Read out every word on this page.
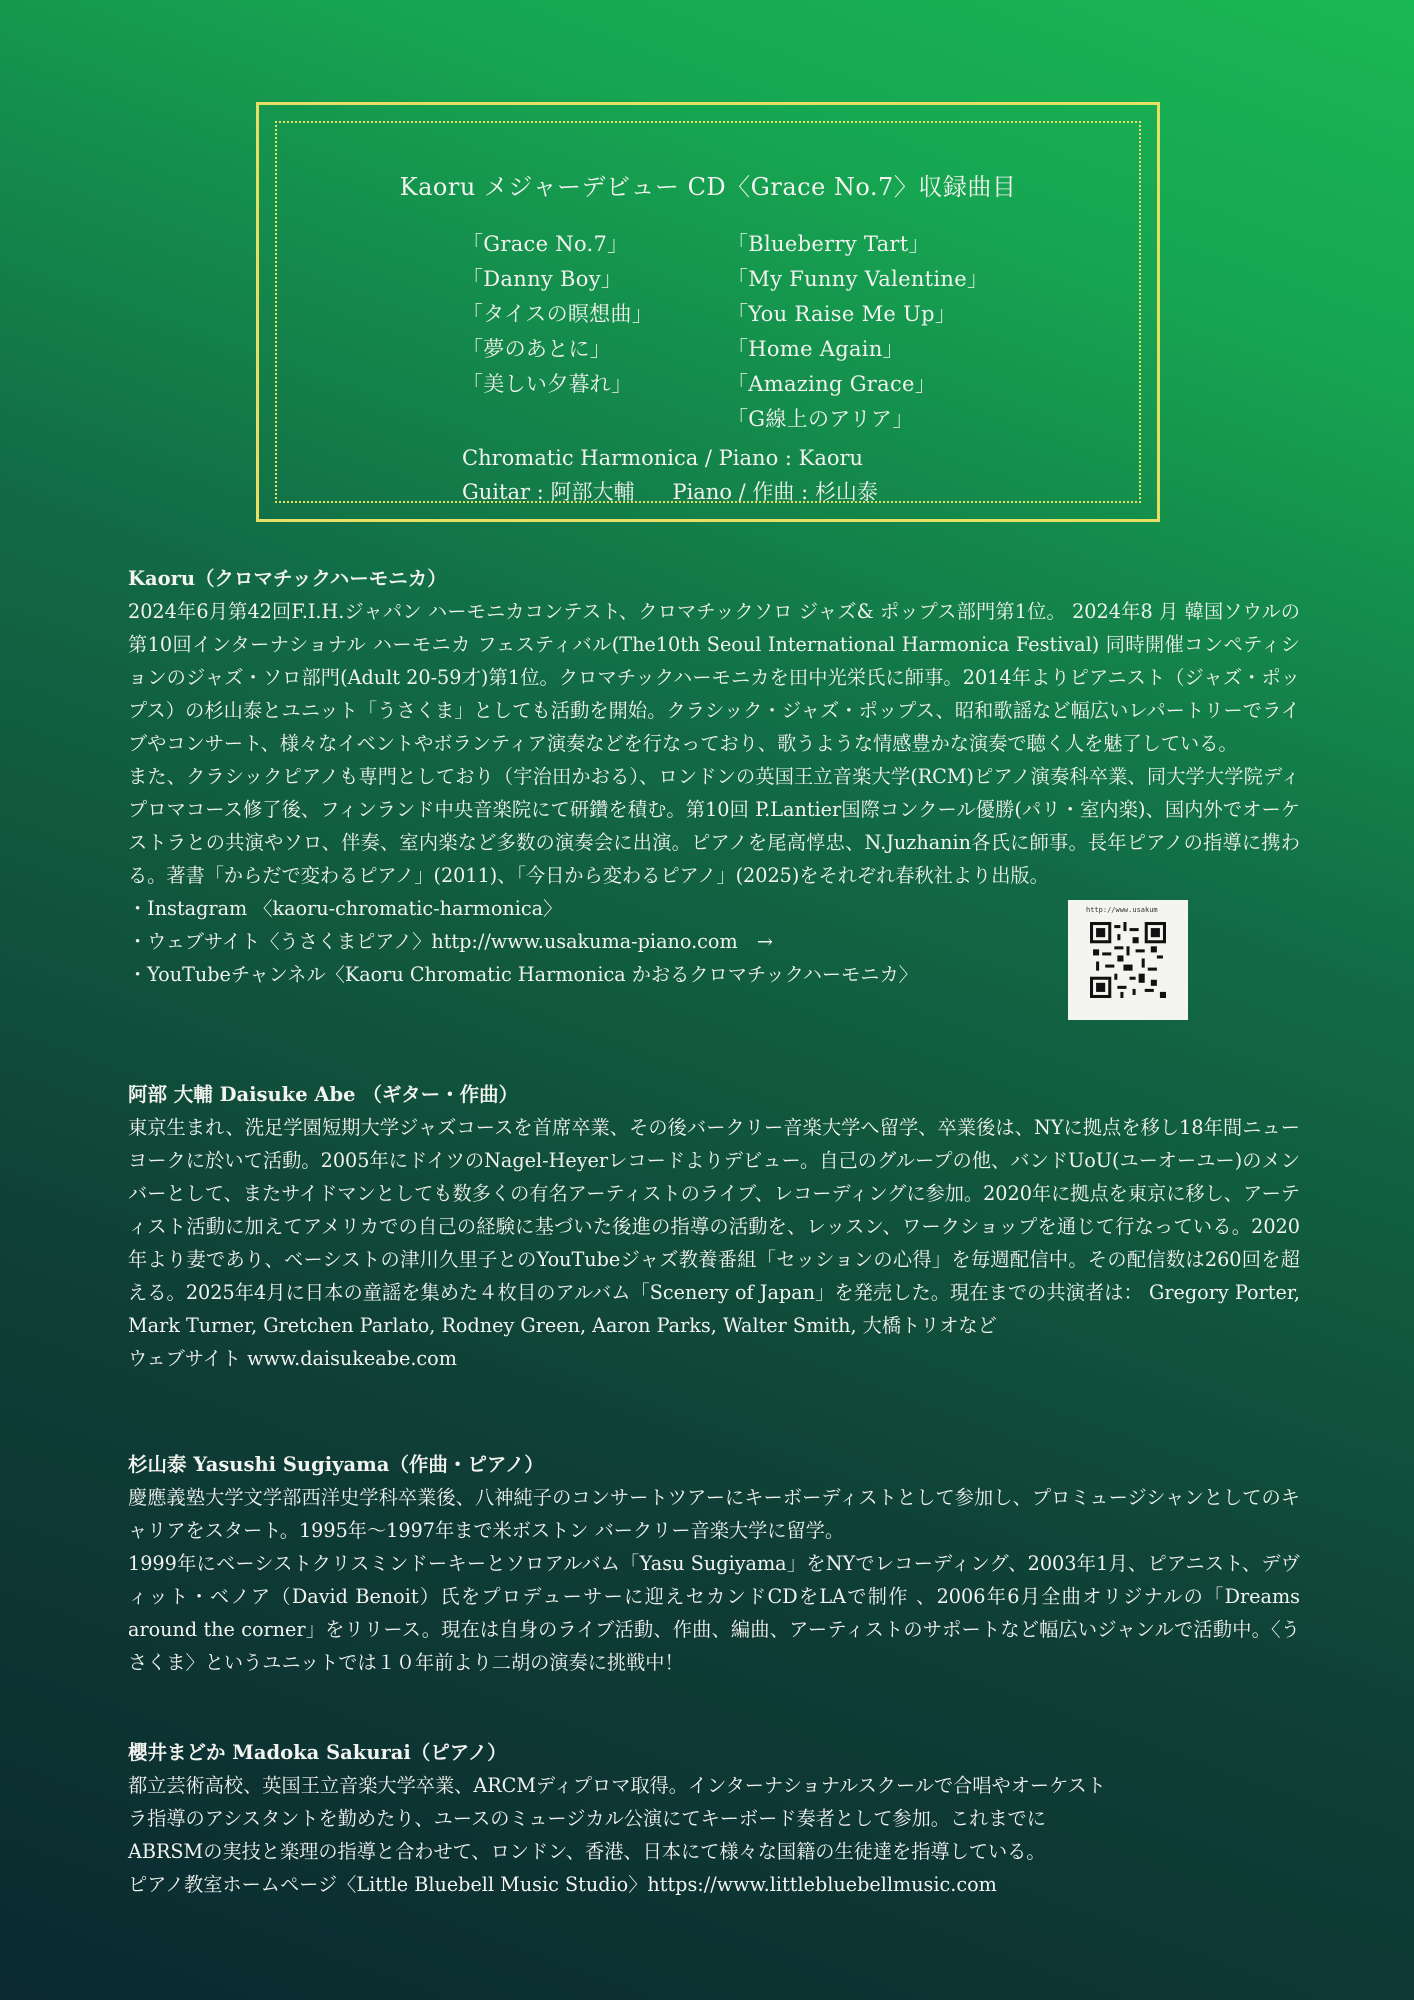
Kaoru メジャーデビュー CD〈Grace No.7〉収録曲目
「Grace No.7」
「Danny Boy」
「タイスの瞑想曲」
「夢のあとに」
「美しい夕暮れ」
「Blueberry Tart」
「My Funny Valentine」
「You Raise Me Up」
「Home Again」
「Amazing Grace」
「G線上のアリア」
Chromatic Harmonica / Piano : Kaoru
Guitar : 阿部大輔 Piano / 作曲 : 杉山泰
Kaoru（クロマチックハーモニカ）

2024年6月第42回F.I.H.ジャパン ハーモニカコンテスト、クロマチックソロ ジャズ& ポップス部門第1位。 2024年8 月 韓国ソウルの第10回インターナショナル ハーモニカ フェスティバル(The10th Seoul International Harmonica Festival) 同時開催コンペティションのジャズ・ソロ部門(Adult 20-59才)第1位。クロマチックハーモニカを田中光栄氏に師事。2014年よりピアニスト（ジャズ・ポップス）の杉山泰とユニット「うさくま」としても活動を開始。クラシック・ジャズ・ポップス、昭和歌謡など幅広いレパートリーでライブやコンサート、様々なイベントやボランティア演奏などを行なっており、歌うような情感豊かな演奏で聴く人を魅了している。

また、クラシックピアノも専門としており（宇治田かおる）、ロンドンの英国王立音楽大学(RCM)ピアノ演奏科卒業、同大学大学院ディプロマコース修了後、フィンランド中央音楽院にて研鑽を積む。第10回 P.Lantier国際コンクール優勝(パリ・室内楽)、国内外でオーケストラとの共演やソロ、伴奏、室内楽など多数の演奏会に出演。ピアノを尾高惇忠、N.Juzhanin各氏に師事。長年ピアノの指導に携わる。著書「からだで変わるピアノ」(2011)、「今日から変わるピアノ」(2025)をそれぞれ春秋社より出版。

・Instagram 〈kaoru-chromatic-harmonica〉
・ウェブサイト〈うさくまピアノ〉http://www.usakuma-piano.com　→
・YouTubeチャンネル〈Kaoru Chromatic Harmonica かおるクロマチックハーモニカ〉
http://www.usakum
阿部 大輔 Daisuke Abe （ギター・作曲）

東京生まれ、洗足学園短期大学ジャズコースを首席卒業、その後バークリー音楽大学へ留学、卒業後は、NYに拠点を移し18年間ニューヨークに於いて活動。2005年にドイツのNagel-Heyerレコードよりデビュー。自己のグループの他、バンドUoU(ユーオーユー)のメンバーとして、またサイドマンとしても数多くの有名アーティストのライブ、レコーディングに参加。2020年に拠点を東京に移し、アーティスト活動に加えてアメリカでの自己の経験に基づいた後進の指導の活動を、レッスン、ワークショップを通じて行なっている。2020年より妻であり、ベーシストの津川久里子とのYouTubeジャズ教養番組「セッションの心得」を毎週配信中。その配信数は260回を超える。2025年4月に日本の童謡を集めた４枚目のアルバム「Scenery of Japan」を発売した。現在までの共演者は： Gregory Porter, Mark Turner, Gretchen Parlato, Rodney Green, Aaron Parks, Walter Smith, 大橋トリオなど

ウェブサイト www.daisukeabe.com
杉山泰 Yasushi Sugiyama（作曲・ピアノ）

慶應義塾大学文学部西洋史学科卒業後、八神純子のコンサートツアーにキーボーディストとして参加し、プロミュージシャンとしてのキャリアをスタート。1995年〜1997年まで米ボストン バークリー音楽大学に留学。

1999年にベーシストクリスミンドーキーとソロアルバム「Yasu Sugiyama」をNYでレコーディング、2003年1月、ピアニスト、デヴィット・ベノア（David Benoit）氏をプロデューサーに迎えセカンドCDをLAで制作 、2006年6月全曲オリジナルの「Dreams around the corner」をリリース。現在は自身のライブ活動、作曲、編曲、アーティストのサポートなど幅広いジャンルで活動中。〈うさくま〉というユニットでは１０年前より二胡の演奏に挑戦中！

櫻井まどか Madoka Sakurai（ピアノ）
都立芸術高校、英国王立音楽大学卒業、ARCMディプロマ取得。インターナショナルスクールで合唱やオーケスト
ラ指導のアシスタントを勤めたり、ユースのミュージカル公演にてキーボード奏者として参加。これまでに
ABRSMの実技と楽理の指導と合わせて、ロンドン、香港、日本にて様々な国籍の生徒達を指導している。
ピアノ教室ホームページ〈Little Bluebell Music Studio〉https://www.littlebluebellmusic.com
